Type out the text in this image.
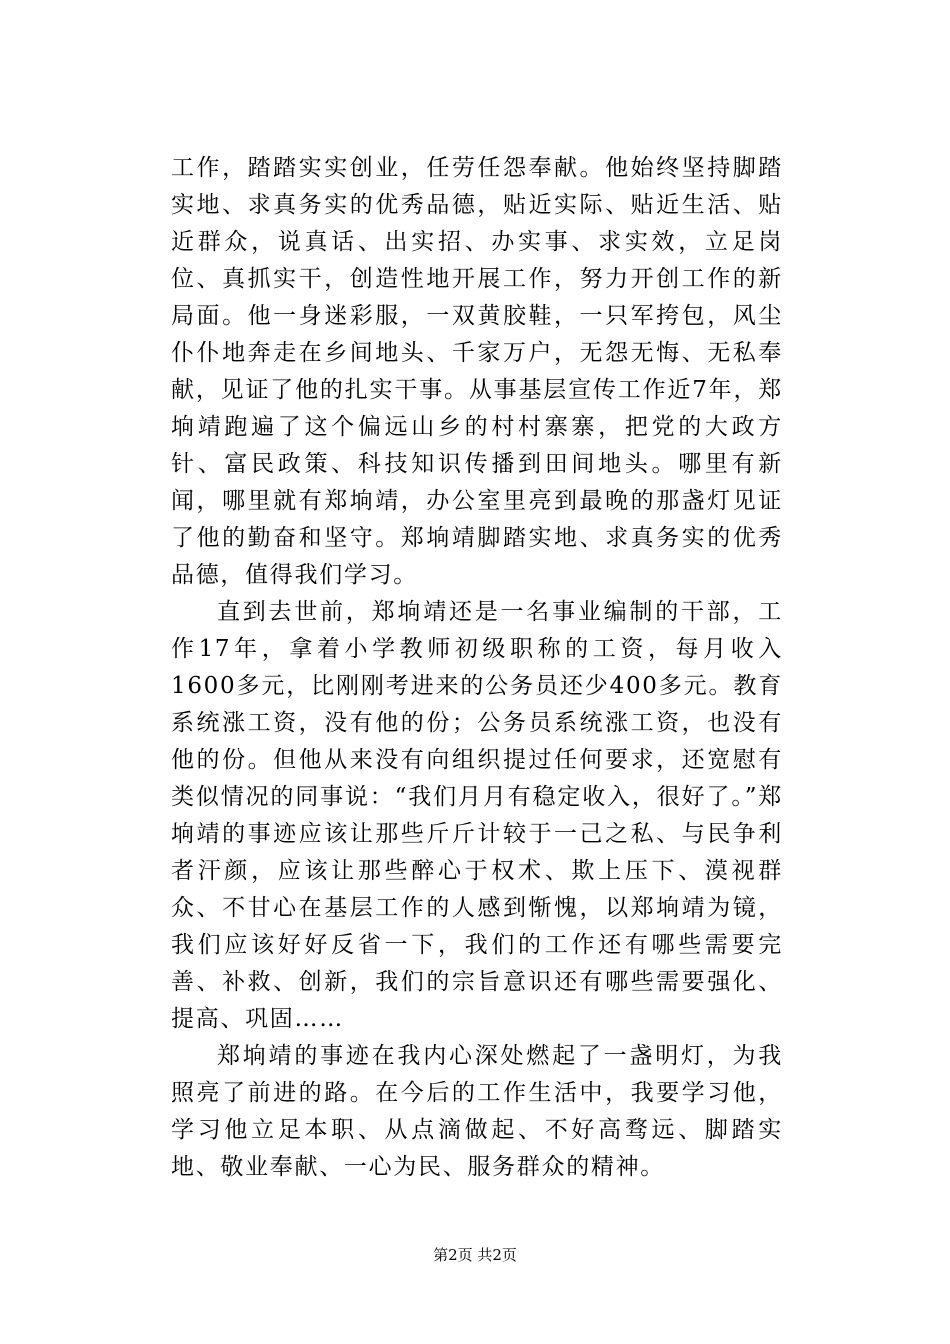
工作，踏踏实实创业，任劳任怨奉献。他始终坚持脚踏实地、求真务实的优秀品德，贴近实际、贴近生活、贴近群众，说真话、出实招、办实事、求实效，立足岗位、真抓实干，创造性地开展工作，努力开创工作的新局面。他一身迷彩服，一双黄胶鞋，一只军挎包，风尘仆仆地奔走在乡间地头、千家万户，无怨无悔、无私奉献，见证了他的扎实干事。从事基层宣传工作近7年，郑垧靖跑遍了这个偏远山乡的村村寨寨，把党的大政方针、富民政策、科技知识传播到田间地头。哪里有新闻，哪里就有郑垧靖，办公室里亮到最晚的那盏灯见证了他的勤奋和坚守。郑垧靖脚踏实地、求真务实的优秀品德，值得我们学习。

直到去世前，郑垧靖还是一名事业编制的干部，工作17年，拿着小学教师初级职称的工资，每月收入1600多元，比刚刚考进来的公务员还少400多元。教育系统涨工资，没有他的份；公务员系统涨工资，也没有他的份。但他从来没有向组织提过任何要求，还宽慰有类似情况的同事说：“我们月月有稳定收入，很好了。”郑垧靖的事迹应该让那些斤斤计较于一己之私、与民争利者汗颜，应该让那些醉心于权术、欺上压下、漠视群众、不甘心在基层工作的人感到惭愧，以郑垧靖为镜，我们应该好好反省一下，我们的工作还有哪些需要完善、补救、创新，我们的宗旨意识还有哪些需要强化、提高、巩固……

郑垧靖的事迹在我内心深处燃起了一盏明灯，为我照亮了前进的路。在今后的工作生活中，我要学习他，学习他立足本职、从点滴做起、不好高骛远、脚踏实地、敬业奉献、一心为民、服务群众的精神。

第2页 共2页
